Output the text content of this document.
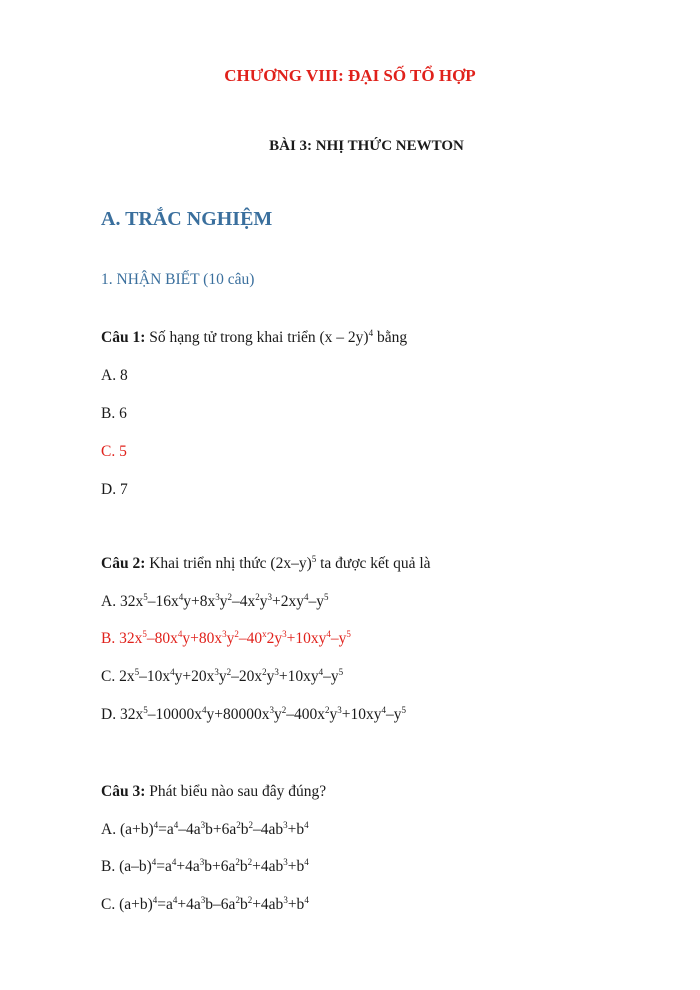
CHƯƠNG VIII: ĐẠI SỐ TỔ HỢP
BÀI 3: NHỊ THỨC NEWTON
A. TRẮC NGHIỆM
1. NHẬN BIẾT (10 câu)
Câu 1: Số hạng tử trong khai triển (x – 2y)$^4$ bằng
A. 8
B. 6
C. 5
D. 7
Câu 2: Khai triển nhị thức $(2x-y)^5$ ta được kết quả là
A. $32x^5-16x^4y+8x^3y^2-4x^2y^3+2xy^4-y^5$
B. $32x^5-80x^4y+80x^3y^2-40^x2y^3+10xy^4-y^5$
C. $2x^5-10x^4y+20x^3y^2-20x^2y^3+10xy^4-y^5$
D. $32x^5-10000x^4y+80000x^3y^2-400x^2y^3+10xy^4-y^5$
Câu 3: Phát biểu nào sau đây đúng?
A. $(a+b)^4=a^4-4a^3b+6a^2b^2-4ab^3+b^4$
B. $(a-b)^4=a^4+4a^3b+6a^2b^2+4ab^3+b^4$
C. $(a+b)^4=a^4+4a^3b-6a^2b^2+4ab^3+b^4$
